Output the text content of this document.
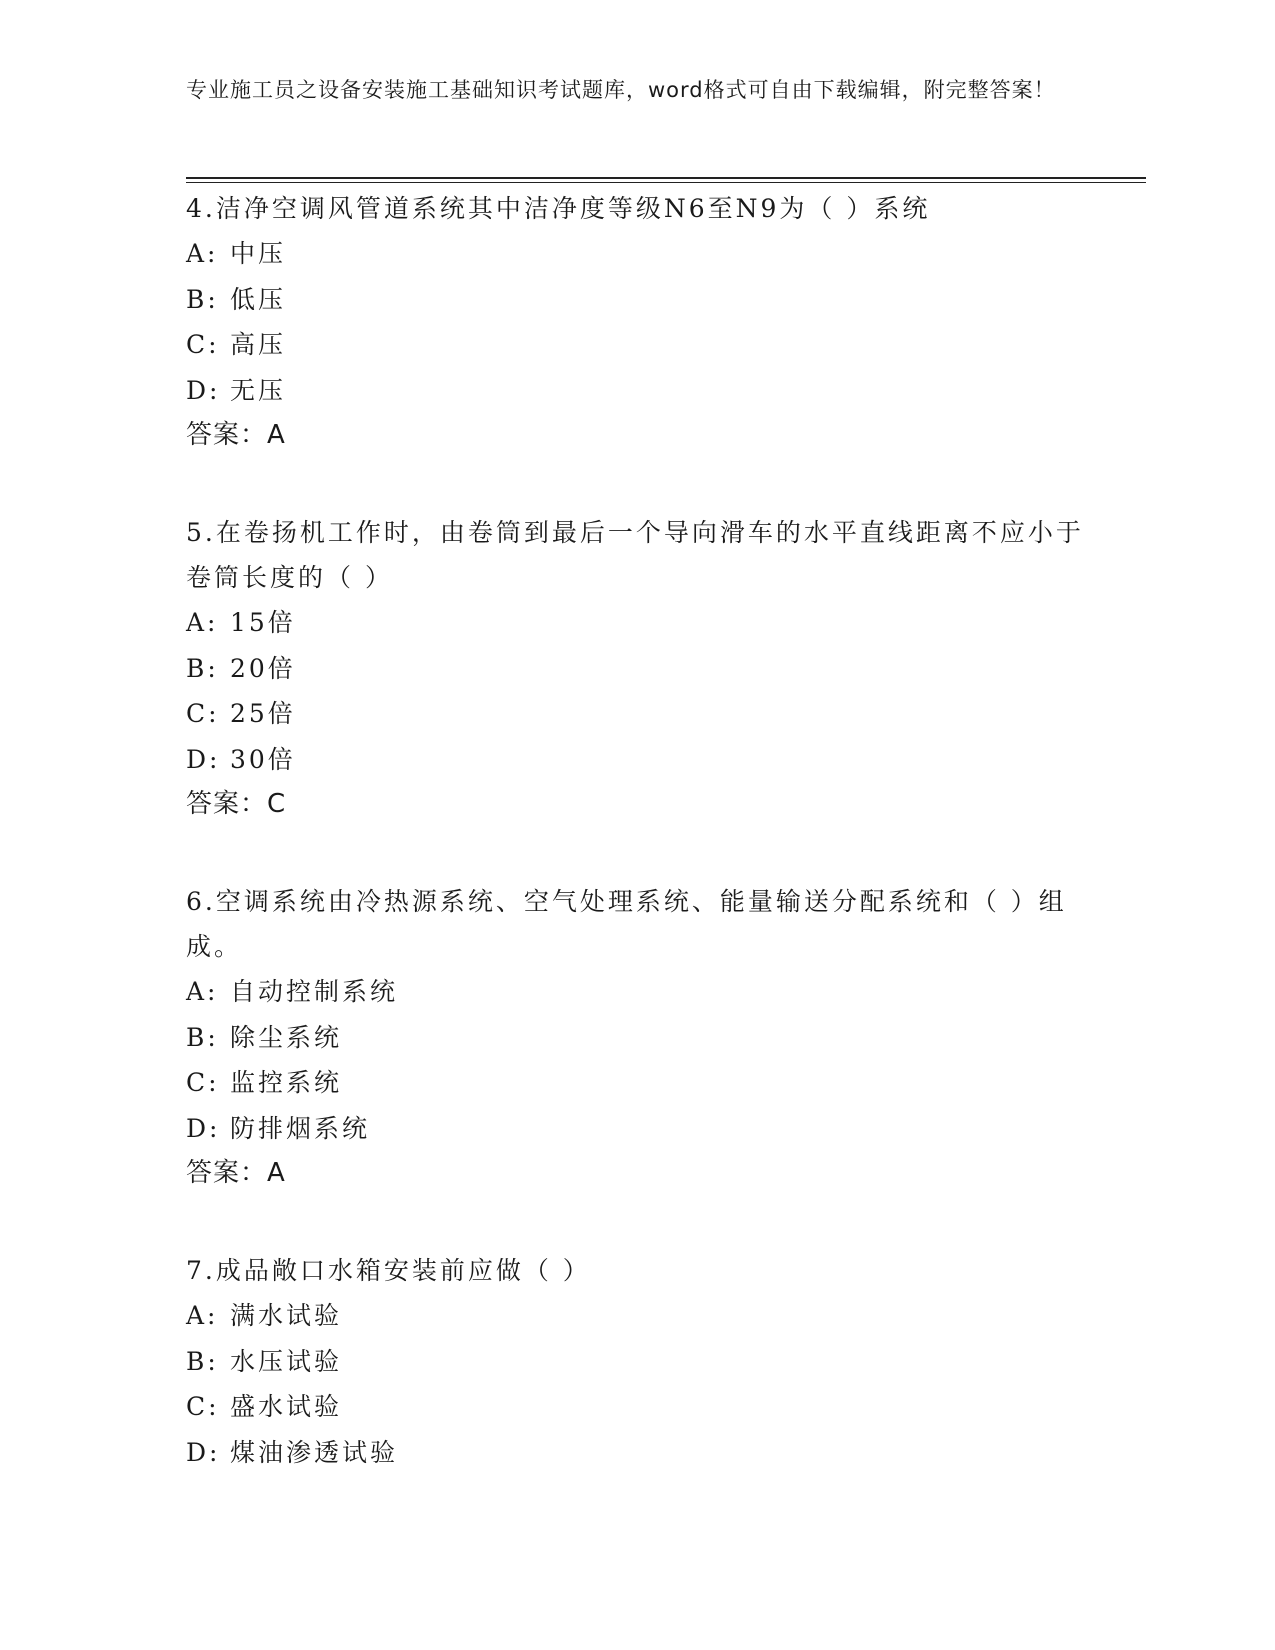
专业施工员之设备安装施工基础知识考试题库，word格式可自由下载编辑，附完整答案！

4.洁净空调风管道系统其中洁净度等级N6至N9为（ ）系统

A: 中压

B: 低压

C: 高压

D: 无压

答案：A

5.在卷扬机工作时，由卷筒到最后一个导向滑车的水平直线距离不应小于卷筒长度的（ ）

A: 15倍

B: 20倍

C: 25倍

D: 30倍

答案：C

6.空调系统由冷热源系统、空气处理系统、能量输送分配系统和（ ）组成。

A: 自动控制系统

B: 除尘系统

C: 监控系统

D: 防排烟系统

答案：A

7.成品敞口水箱安装前应做（ ）

A: 满水试验

B: 水压试验

C: 盛水试验

D: 煤油渗透试验
